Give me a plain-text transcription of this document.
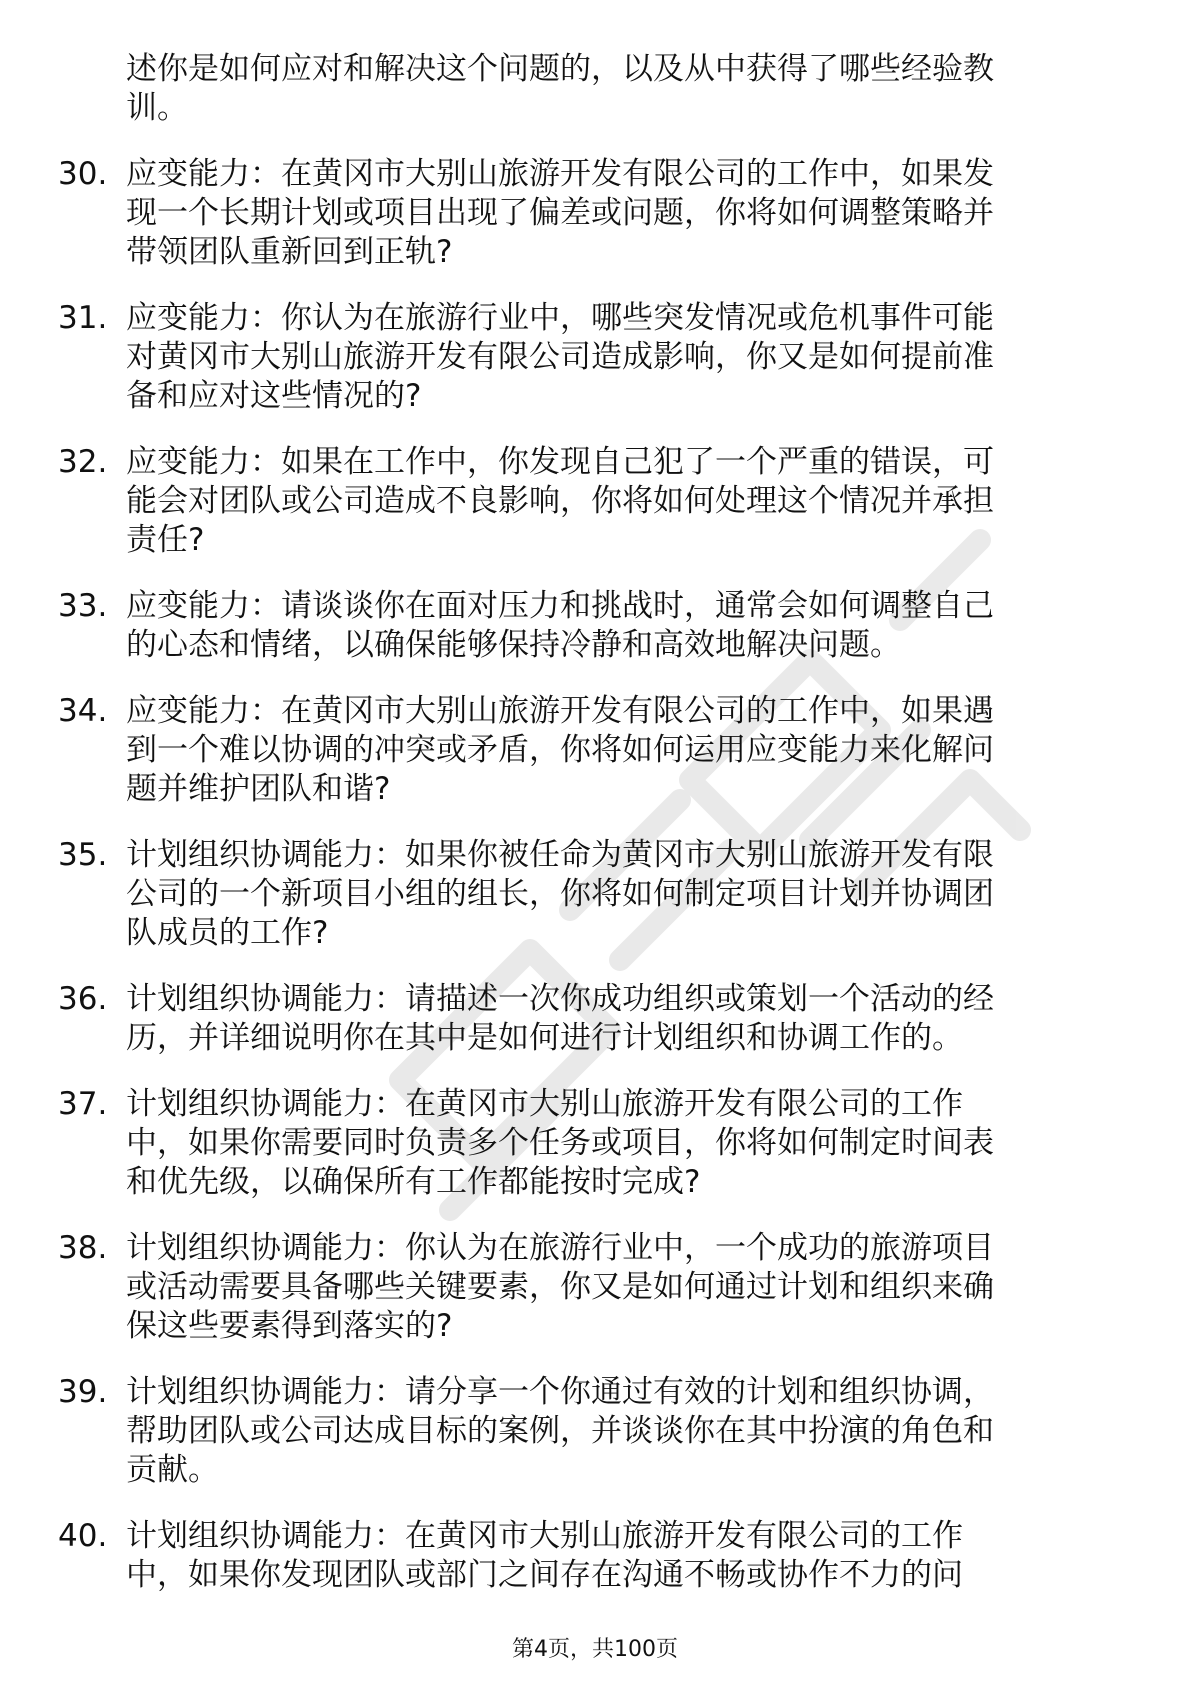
述你是如何应对和解决这个问题的，以及从中获得了哪些经验教
训。
30. 应变能力：在黄冈市大别山旅游开发有限公司的工作中，如果发
现一个长期计划或项目出现了偏差或问题，你将如何调整策略并
带领团队重新回到正轨?
31. 应变能力：你认为在旅游行业中，哪些突发情况或危机事件可能
对黄冈市大别山旅游开发有限公司造成影响，你又是如何提前准
备和应对这些情况的?
32. 应变能力：如果在工作中，你发现自己犯了一个严重的错误，可
能会对团队或公司造成不良影响，你将如何处理这个情况并承担
责任?
33. 应变能力：请谈谈你在面对压力和挑战时，通常会如何调整自己
的心态和情绪，以确保能够保持冷静和高效地解决问题。
34. 应变能力：在黄冈市大别山旅游开发有限公司的工作中，如果遇
到一个难以协调的冲突或矛盾，你将如何运用应变能力来化解问
题并维护团队和谐?
35. 计划组织协调能力：如果你被任命为黄冈市大别山旅游开发有限
公司的一个新项目小组的组长，你将如何制定项目计划并协调团
队成员的工作?
36. 计划组织协调能力：请描述一次你成功组织或策划一个活动的经
历，并详细说明你在其中是如何进行计划组织和协调工作的。
37. 计划组织协调能力：在黄冈市大别山旅游开发有限公司的工作
中，如果你需要同时负责多个任务或项目，你将如何制定时间表
和优先级，以确保所有工作都能按时完成?
38. 计划组织协调能力：你认为在旅游行业中，一个成功的旅游项目
或活动需要具备哪些关键要素，你又是如何通过计划和组织来确
保这些要素得到落实的?
39. 计划组织协调能力：请分享一个你通过有效的计划和组织协调，
帮助团队或公司达成目标的案例，并谈谈你在其中扮演的角色和
贡献。
40. 计划组织协调能力：在黄冈市大别山旅游开发有限公司的工作
中，如果你发现团队或部门之间存在沟通不畅或协作不力的问
第4页，共100页
